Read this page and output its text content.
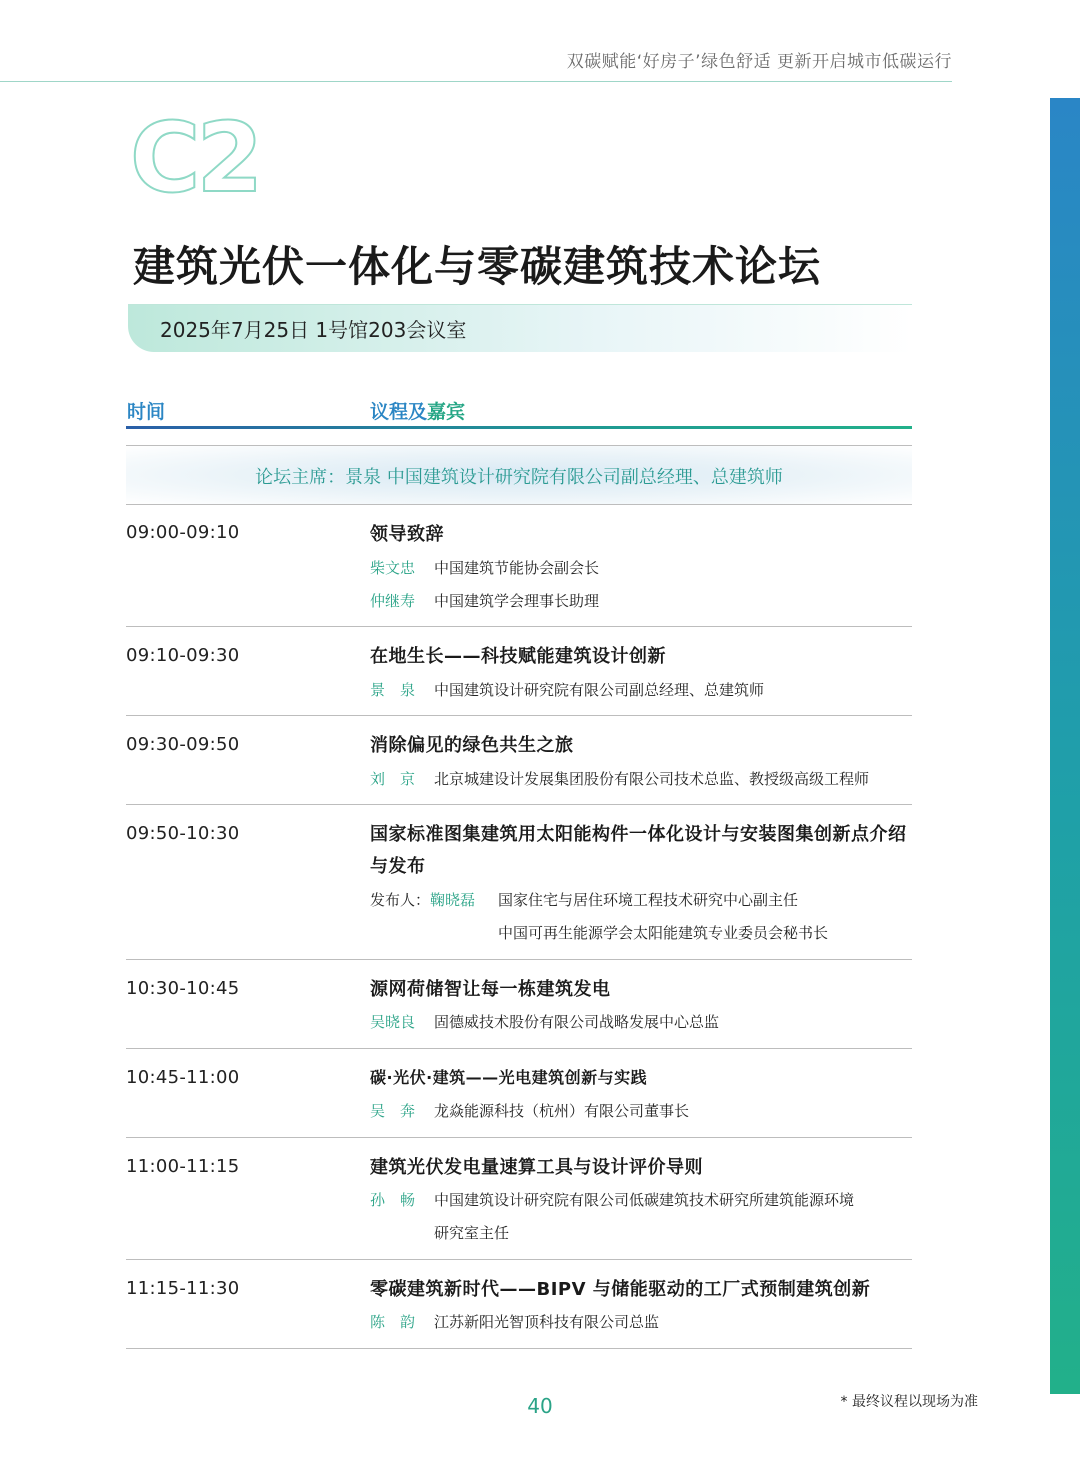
双碳赋能‘好房子’绿色舒适 更新开启城市低碳运行
C2
建筑光伏一体化与零碳建筑技术论坛
2025年7月25日 1号馆203会议室
时间	议程及嘉宾
论坛主席：景泉 中国建筑设计研究院有限公司副总经理、总建筑师
09:00-09:10	领导致辞
柴文忠 中国建筑节能协会副会长
仲继寿 中国建筑学会理事长助理
09:10-09:30	在地生长——科技赋能建筑设计创新
景　泉 中国建筑设计研究院有限公司副总经理、总建筑师
09:30-09:50	消除偏见的绿色共生之旅
刘　京 北京城建设计发展集团股份有限公司技术总监、教授级高级工程师
09:50-10:30	国家标准图集建筑用太阳能构件一体化设计与安装图集创新点介绍与发布
发布人：鞠晓磊 国家住宅与居住环境工程技术研究中心副主任
中国可再生能源学会太阳能建筑专业委员会秘书长
10:30-10:45	源网荷储智让每一栋建筑发电
吴晓良 固德威技术股份有限公司战略发展中心总监
10:45-11:00	碳·光伏·建筑——光电建筑创新与实践
吴　奔 龙焱能源科技（杭州）有限公司董事长
11:00-11:15	建筑光伏发电量速算工具与设计评价导则
孙　畅 中国建筑设计研究院有限公司低碳建筑技术研究所建筑能源环境
研究室主任
11:15-11:30	零碳建筑新时代——BIPV 与储能驱动的工厂式预制建筑创新
陈　韵 江苏新阳光智顶科技有限公司总监
40	* 最终议程以现场为准
